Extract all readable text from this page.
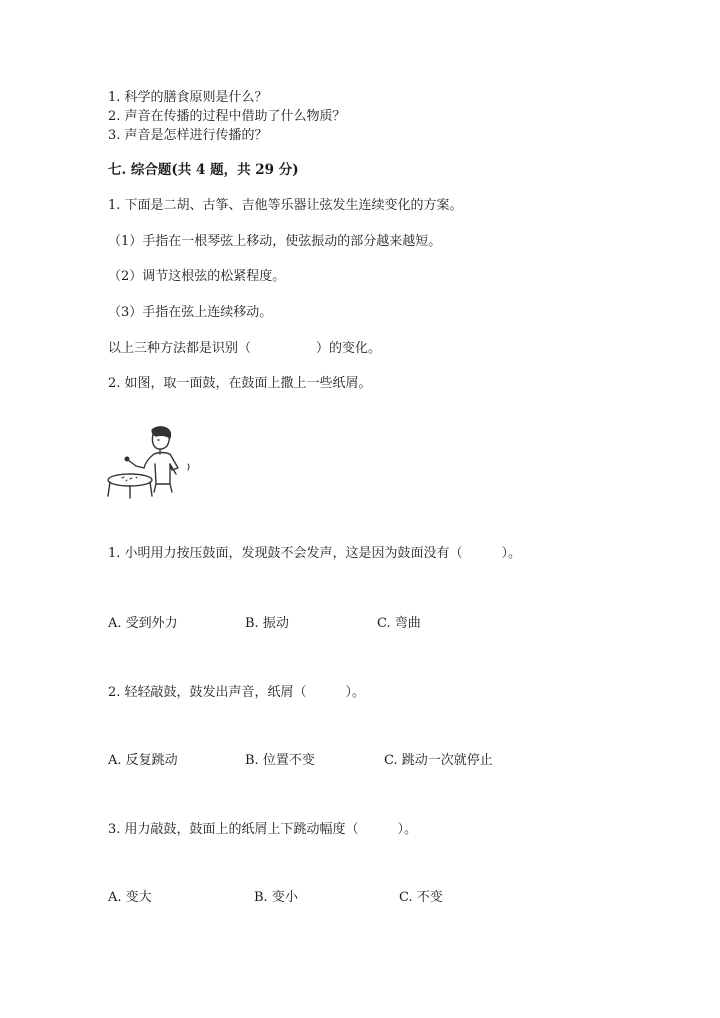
1. 科学的膳食原则是什么？
2. 声音在传播的过程中借助了什么物质？
3. 声音是怎样进行传播的？
七. 综合题(共 4 题，共 29 分)
1. 下面是二胡、古筝、吉他等乐器让弦发生连续变化的方案。
（1）手指在一根琴弦上移动，使弦振动的部分越来越短。
（2）调节这根弦的松紧程度。
（3）手指在弦上连续移动。
以上三种方法都是识别（　　　　　）的变化。
2. 如图，取一面鼓，在鼓面上撒上一些纸屑。
1. 小明用力按压鼓面，发现鼓不会发声，这是因为鼓面没有（　　　）。
A. 受到外力	B. 振动	C. 弯曲
2. 轻轻敲鼓，鼓发出声音，纸屑（　　　）。
A. 反复跳动	B. 位置不变	C. 跳动一次就停止
3. 用力敲鼓，鼓面上的纸屑上下跳动幅度（　　　）。
A. 变大	B. 变小	C. 不变
